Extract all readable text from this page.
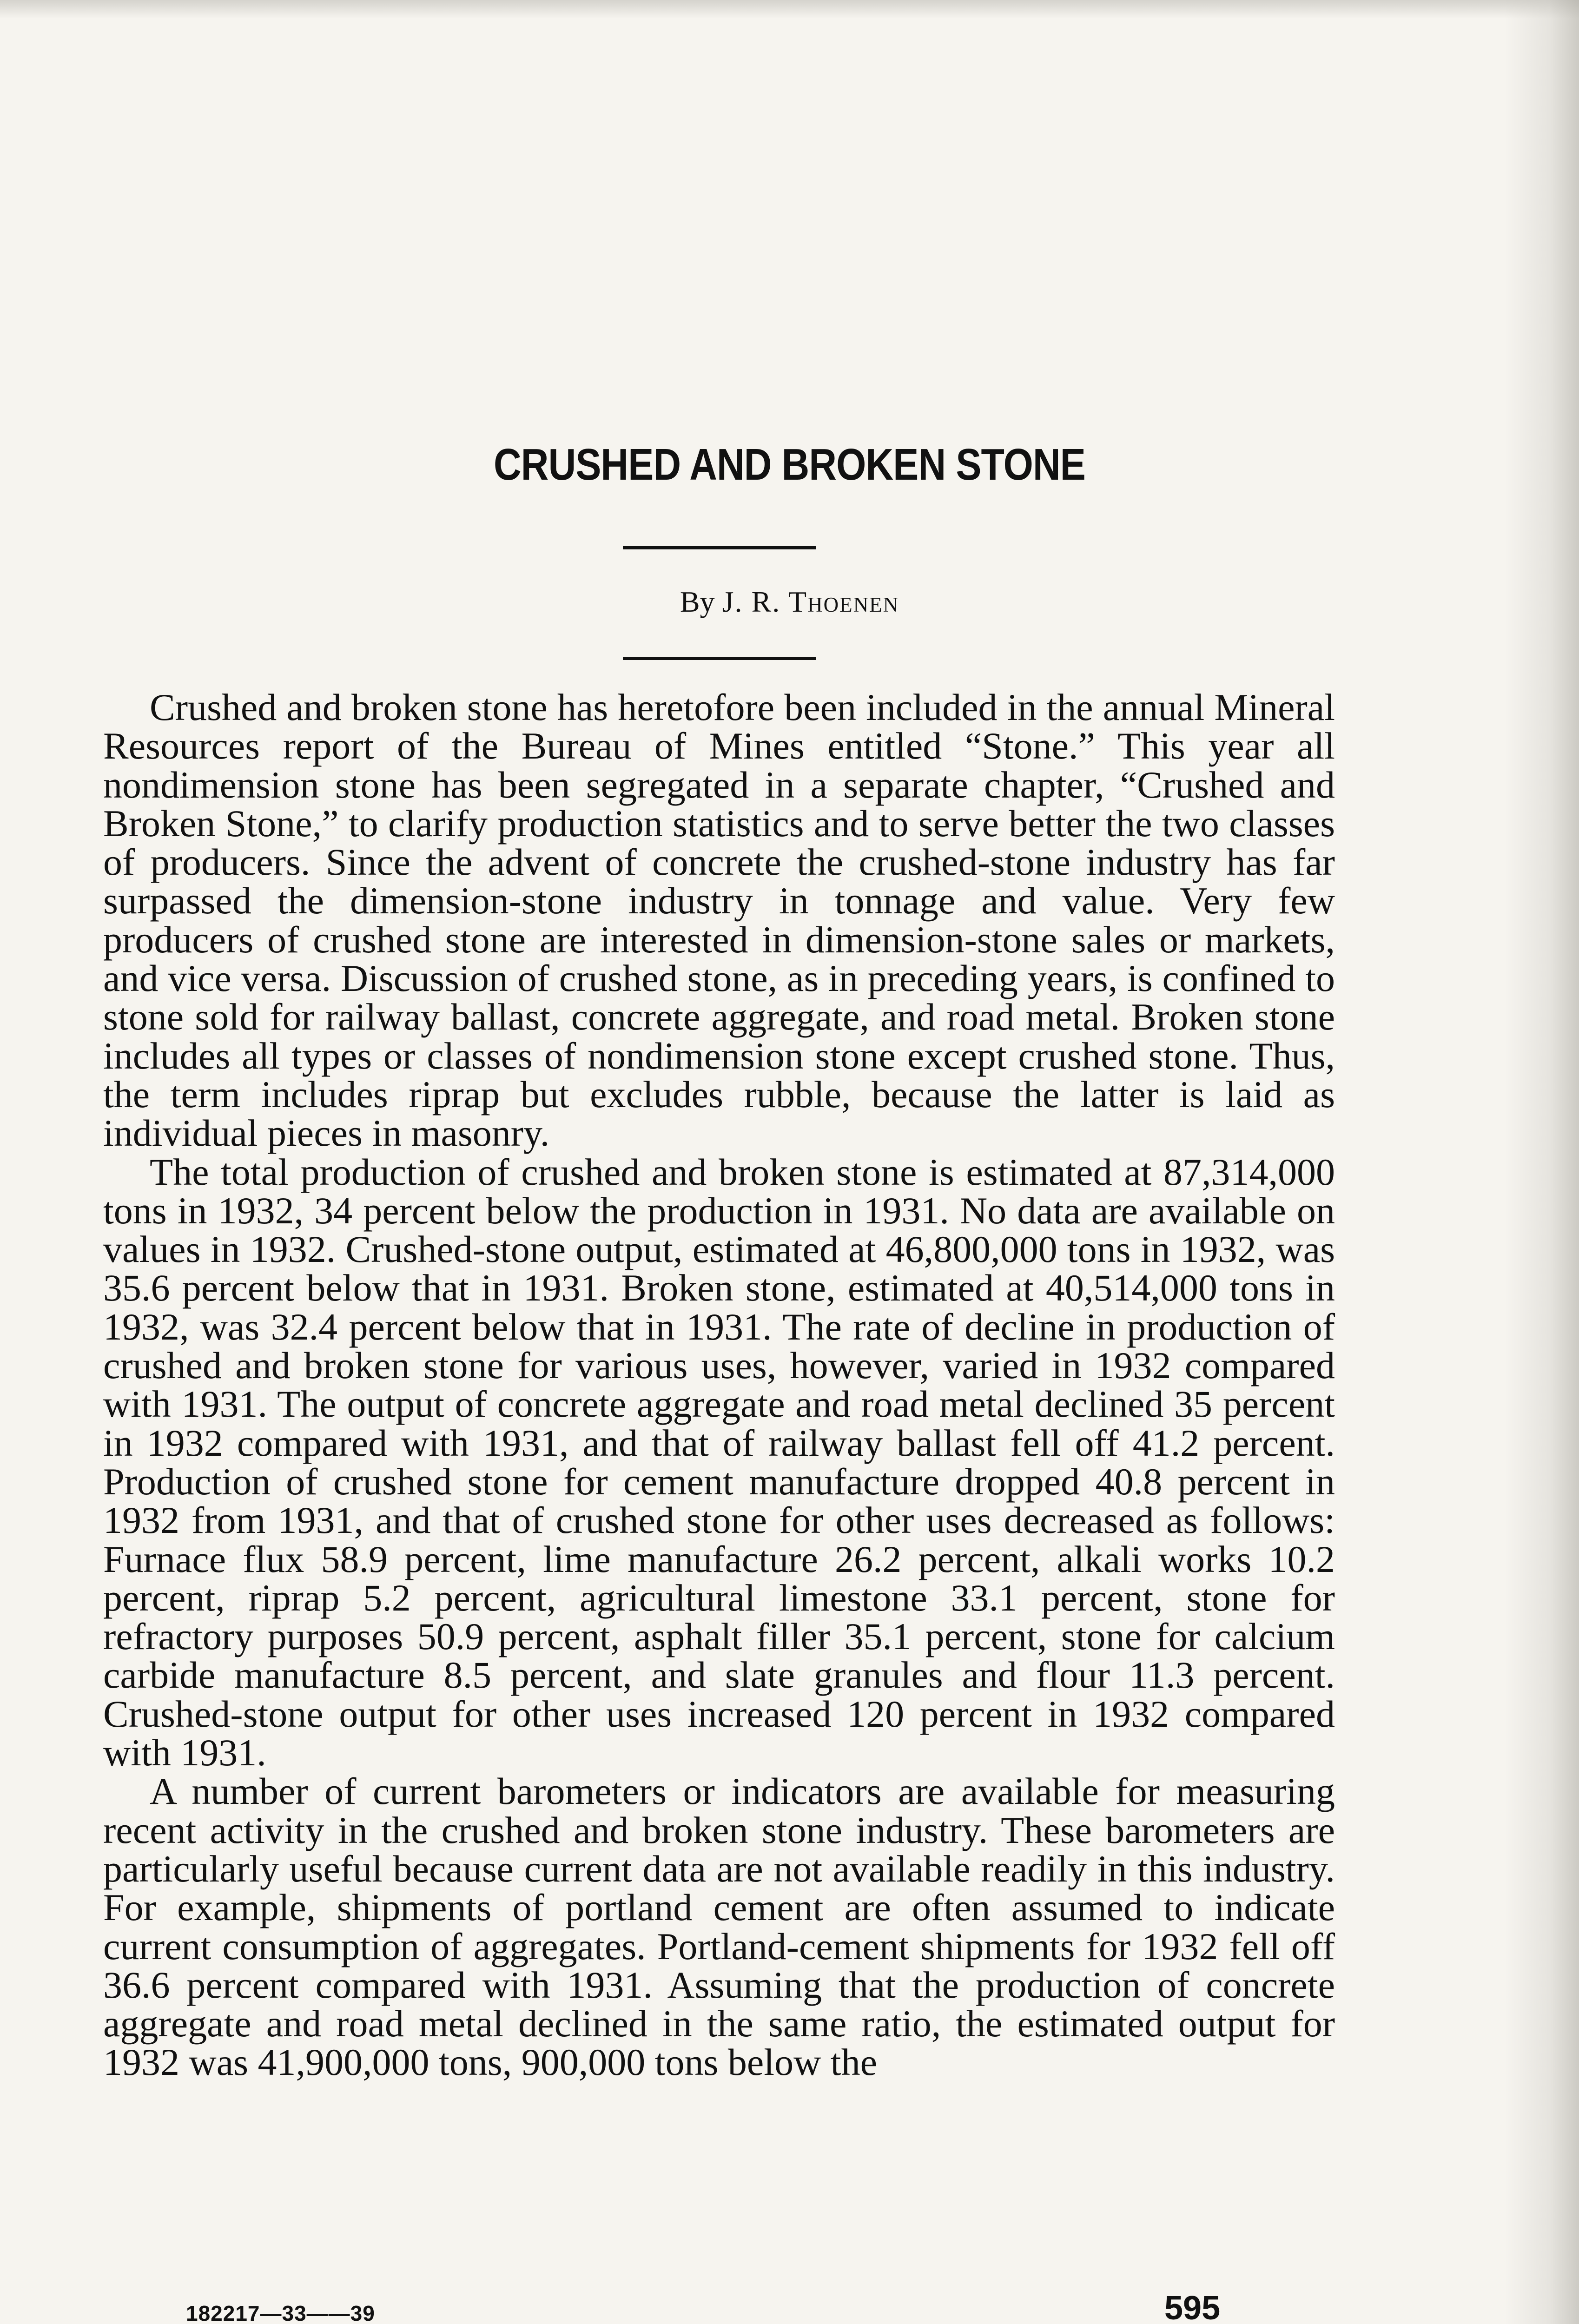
CRUSHED AND BROKEN STONE
By J. R. Thoenen

Crushed and broken stone has heretofore been included in the annual Mineral Resources report of the Bureau of Mines entitled “Stone.” This year all nondimension stone has been segregated in a separate chapter, “Crushed and Broken Stone,” to clarify production statistics and to serve better the two classes of producers. Since the advent of concrete the crushed-stone industry has far surpassed the dimension-stone industry in tonnage and value. Very few producers of crushed stone are interested in dimension-stone sales or markets, and vice versa. Discussion of crushed stone, as in preceding years, is confined to stone sold for railway ballast, concrete aggregate, and road metal. Broken stone includes all types or classes of nondimension stone except crushed stone. Thus, the term includes riprap but excludes rubble, because the latter is laid as individual pieces in masonry.

The total production of crushed and broken stone is estimated at 87,314,000 tons in 1932, 34 percent below the production in 1931. No data are available on values in 1932. Crushed-stone output, estimated at 46,800,000 tons in 1932, was 35.6 percent below that in 1931. Broken stone, estimated at 40,514,000 tons in 1932, was 32.4 percent below that in 1931. The rate of decline in production of crushed and broken stone for various uses, however, varied in 1932 compared with 1931. The output of concrete aggregate and road metal declined 35 percent in 1932 compared with 1931, and that of railway ballast fell off 41.2 percent. Production of crushed stone for cement manufacture dropped 40.8 percent in 1932 from 1931, and that of crushed stone for other uses decreased as follows: Furnace flux 58.9 percent, lime manufacture 26.2 percent, alkali works 10.2 percent, riprap 5.2 percent, agricultural limestone 33.1 percent, stone for refractory purposes 50.9 percent, asphalt filler 35.1 percent, stone for calcium carbide manufacture 8.5 percent, and slate granules and flour 11.3 percent. Crushed-stone output for other uses increased 120 percent in 1932 compared with 1931.

A number of current barometers or indicators are available for measuring recent activity in the crushed and broken stone industry. These barometers are particularly useful because current data are not available readily in this industry. For example, shipments of portland cement are often assumed to indicate current consumption of aggregates. Portland-cement shipments for 1932 fell off 36.6 percent compared with 1931. Assuming that the production of concrete aggregate and road metal declined in the same ratio, the estimated output for 1932 was 41,900,000 tons, 900,000 tons below the

182217—33——39	595
